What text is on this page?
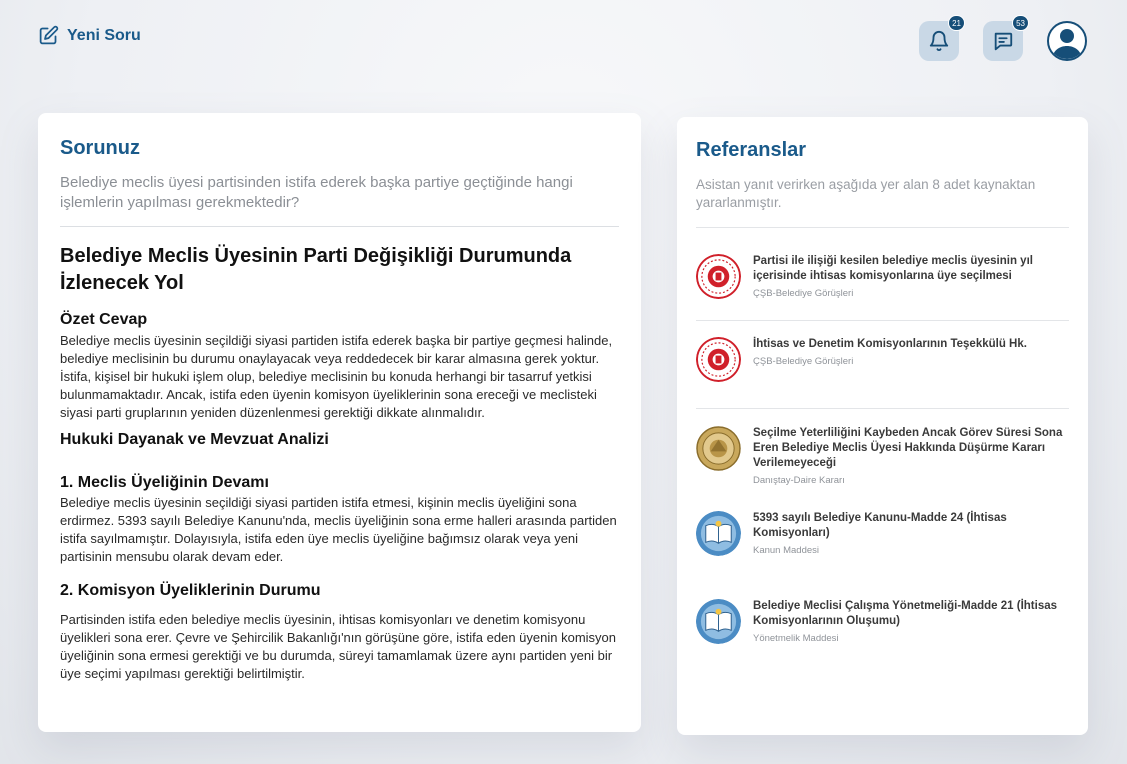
Yeni Soru
21	53
Sorunuz
Belediye meclis üyesi partisinden istifa ederek başka partiye geçtiğinde hangi işlemlerin yapılması gerekmektedir?
Belediye Meclis Üyesinin Parti Değişikliği Durumunda İzlenecek Yol
Özet Cevap
Belediye meclis üyesinin seçildiği siyasi partiden istifa ederek başka bir partiye geçmesi halinde, belediye meclisinin bu durumu onaylayacak veya reddedecek bir karar almasına gerek yoktur. İstifa, kişisel bir hukuki işlem olup, belediye meclisinin bu konuda herhangi bir tasarruf yetkisi bulunmamaktadır. Ancak, istifa eden üyenin komisyon üyeliklerinin sona ereceği ve meclisteki siyasi parti gruplarının yeniden düzenlenmesi gerektiği dikkate alınmalıdır.
Hukuki Dayanak ve Mevzuat Analizi
1. Meclis Üyeliğinin Devamı
Belediye meclis üyesinin seçildiği siyasi partiden istifa etmesi, kişinin meclis üyeliğini sona erdirmez. 5393 sayılı Belediye Kanunu'nda, meclis üyeliğinin sona erme halleri arasında partiden istifa sayılmamıştır. Dolayısıyla, istifa eden üye meclis üyeliğine bağımsız olarak veya yeni partisinin mensubu olarak devam eder.
2. Komisyon Üyeliklerinin Durumu
Partisinden istifa eden belediye meclis üyesinin, ihtisas komisyonları ve denetim komisyonu üyelikleri sona erer. Çevre ve Şehircilik Bakanlığı'nın görüşüne göre, istifa eden üyenin komisyon üyeliğinin sona ermesi gerektiği ve bu durumda, süreyi tamamlamak üzere aynı partiden yeni bir üye seçimi yapılması gerektiği belirtilmiştir.
Referanslar
Asistan yanıt verirken aşağıda yer alan 8 adet kaynaktan yararlanmıştır.
Partisi ile ilişiği kesilen belediye meclis üyesinin yıl içerisinde ihtisas komisyonlarına üye seçilmesi
ÇŞB-Belediye Görüşleri
İhtisas ve Denetim Komisyonlarının Teşekkülü Hk.
ÇŞB-Belediye Görüşleri
Seçilme Yeterliliğini Kaybeden Ancak Görev Süresi Sona Eren Belediye Meclis Üyesi Hakkında Düşürme Kararı Verilemeyeceği
Danıştay-Daire Kararı
5393 sayılı Belediye Kanunu-Madde 24 (İhtisas Komisyonları)
Kanun Maddesi
Belediye Meclisi Çalışma Yönetmeliği-Madde 21 (İhtisas Komisyonlarının Oluşumu)
Yönetmelik Maddesi
